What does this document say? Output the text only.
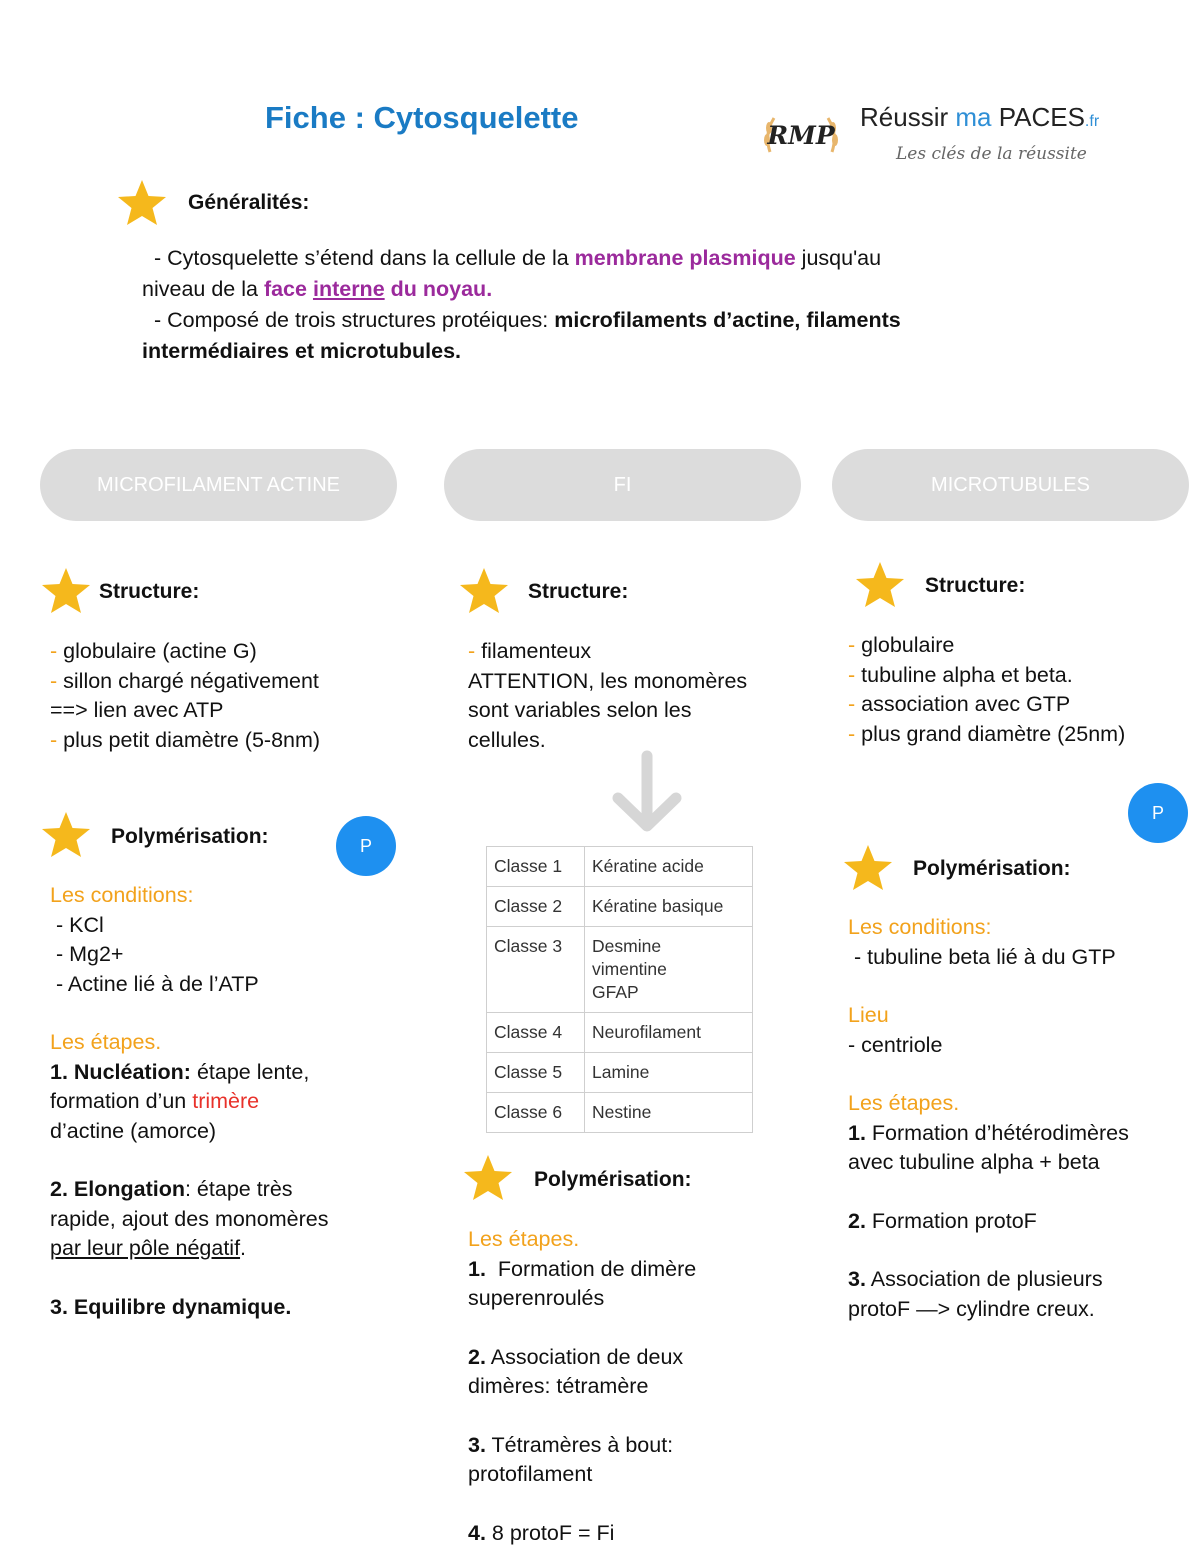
Fiche : Cytosquelette
RMP
Réussir ma PACES.fr
Les clés de la réussite
Généralités:
- Cytosquelette s’étend dans la cellule de la membrane plasmique jusqu'au
niveau de la face interne du noyau.
- Composé de trois structures protéiques: microfilaments d’actine, filaments
intermédiaires et microtubules.
MICROFILAMENT ACTINE	FI	MICROTUBULES
Structure:
- globulaire (actine G)
- sillon chargé négativement
==> lien avec ATP
- plus petit diamètre (5-8nm)
Polymérisation:	P
Les conditions:
- KCl
- Mg2+
- Actine lié à de l’ATP
Les étapes.
1. Nucléation: étape lente,
formation d’un trimère
d’actine (amorce)
2. Elongation: étape très
rapide, ajout des monomères
par leur pôle négatif.
3. Equilibre dynamique.
Structure:
- filamenteux
ATTENTION, les monomères
sont variables selon les
cellules.
Classe 1	Kératine acide

Classe 2	Kératine basique

Classe 3	Desmine
vimentine
GFAP

Classe 4	Neurofilament

Classe 5	Lamine

Classe 6	Nestine
Polymérisation:
Les étapes.
1.  Formation de dimère
superenroulés
2. Association de deux
dimères: tétramère
3. Tétramères à bout:
protofilament
4. 8 protoF = Fi
Structure:
- globulaire
- tubuline alpha et beta.
- association avec GTP
- plus grand diamètre (25nm)
P
Polymérisation:
Les conditions:
- tubuline beta lié à du GTP
Lieu
- centriole
Les étapes.
1. Formation d’hétérodimères
avec tubuline alpha + beta
2. Formation protoF
3. Association de plusieurs
protoF —> cylindre creux.
